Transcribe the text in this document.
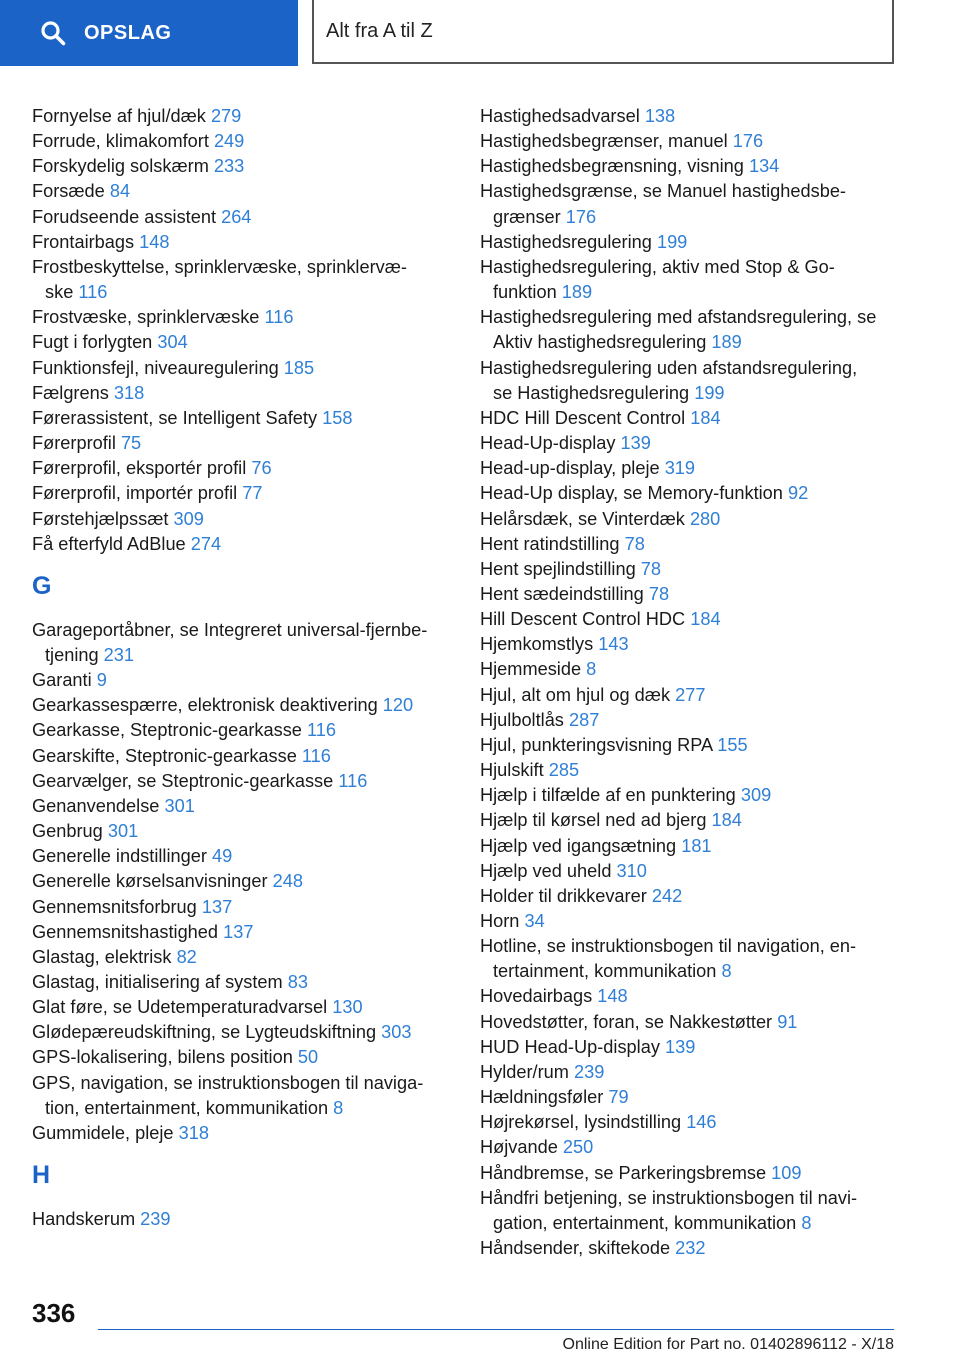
OPSLAG	Alt fra A til Z
Fornyelse af hjul/dæk 279
Forrude, klimakomfort 249
Forskydelig solskærm 233
Forsæde 84
Forudseende assistent 264
Frontairbags 148
Frostbeskyttelse, sprinklervæske, sprinklervæ-
ske 116
Frostvæske, sprinklervæske 116
Fugt i forlygten 304
Funktionsfejl, niveauregulering 185
Fælgrens 318
Førerassistent, se Intelligent Safety 158
Førerprofil 75
Førerprofil, eksportér profil 76
Førerprofil, importér profil 77
Førstehjælpssæt 309
Få efterfyld AdBlue 274
G
Garageportåbner, se Integreret universal-fjernbe-
tjening 231
Garanti 9
Gearkassespærre, elektronisk deaktivering 120
Gearkasse, Steptronic-gearkasse 116
Gearskifte, Steptronic-gearkasse 116
Gearvælger, se Steptronic-gearkasse 116
Genanvendelse 301
Genbrug 301
Generelle indstillinger 49
Generelle kørselsanvisninger 248
Gennemsnitsforbrug 137
Gennemsnitshastighed 137
Glastag, elektrisk 82
Glastag, initialisering af system 83
Glat føre, se Udetemperaturadvarsel 130
Glødepæreudskiftning, se Lygteudskiftning 303
GPS-lokalisering, bilens position 50
GPS, navigation, se instruktionsbogen til naviga-
tion, entertainment, kommunikation 8
Gummidele, pleje 318
H
Handskerum 239
Hastighedsadvarsel 138
Hastighedsbegrænser, manuel 176
Hastighedsbegrænsning, visning 134
Hastighedsgrænse, se Manuel hastighedsbe-
grænser 176
Hastighedsregulering 199
Hastighedsregulering, aktiv med Stop & Go-
funktion 189
Hastighedsregulering med afstandsregulering, se
Aktiv hastighedsregulering 189
Hastighedsregulering uden afstandsregulering,
se Hastighedsregulering 199
HDC Hill Descent Control 184
Head-Up-display 139
Head-up-display, pleje 319
Head-Up display, se Memory-funktion 92
Helårsdæk, se Vinterdæk 280
Hent ratindstilling 78
Hent spejlindstilling 78
Hent sædeindstilling 78
Hill Descent Control HDC 184
Hjemkomstlys 143
Hjemmeside 8
Hjul, alt om hjul og dæk 277
Hjulboltlås 287
Hjul, punkteringsvisning RPA 155
Hjulskift 285
Hjælp i tilfælde af en punktering 309
Hjælp til kørsel ned ad bjerg 184
Hjælp ved igangsætning 181
Hjælp ved uheld 310
Holder til drikkevarer 242
Horn 34
Hotline, se instruktionsbogen til navigation, en-
tertainment, kommunikation 8
Hovedairbags 148
Hovedstøtter, foran, se Nakkestøtter 91
HUD Head-Up-display 139
Hylder/rum 239
Hældningsføler 79
Højrekørsel, lysindstilling 146
Højvande 250
Håndbremse, se Parkeringsbremse 109
Håndfri betjening, se instruktionsbogen til navi-
gation, entertainment, kommunikation 8
Håndsender, skiftekode 232
336
Online Edition for Part no. 01402896112 - X/18
